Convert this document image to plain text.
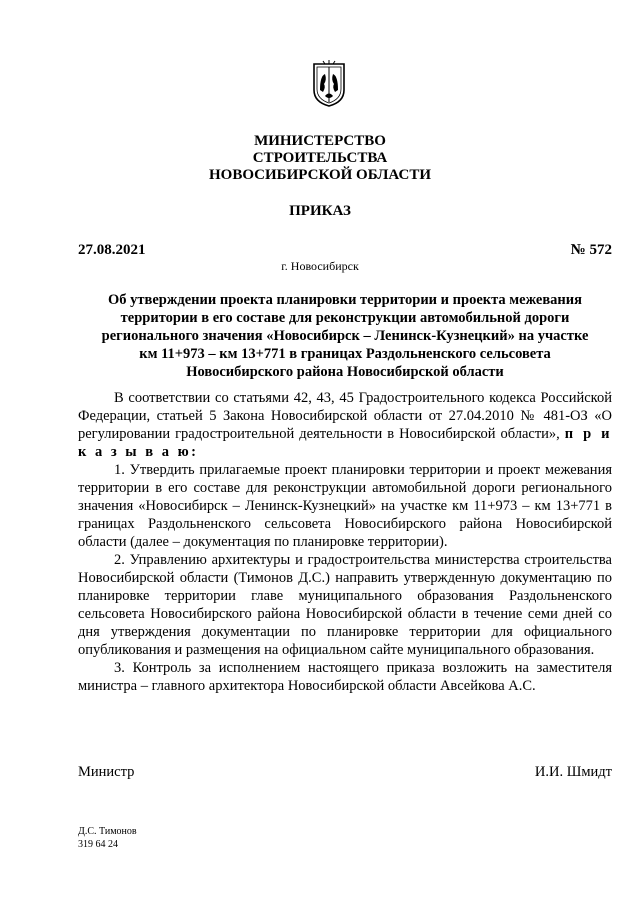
МИНИСТЕРСТВО
СТРОИТЕЛЬСТВА
НОВОСИБИРСКОЙ ОБЛАСТИ
ПРИКАЗ
27.08.2021	№ 572
г. Новосибирск
Об утверждении проекта планировки территории и проекта межевания
территории в его составе для реконструкции автомобильной дороги
регионального значения «Новосибирск – Ленинск-Кузнецкий» на участке
км 11+973 – км 13+771 в границах Раздольненского сельсовета
Новосибирского района Новосибирской области

В соответствии со статьями 42, 43, 45 Градостроительного кодекса Российской Федерации, статьей 5 Закона Новосибирской области от 27.04.2010 № 481-ОЗ «О регулировании градостроительной деятельности в Новосибирской области», п р и к а з ы в а ю:

1. Утвердить прилагаемые проект планировки территории и проект межевания территории в его составе для реконструкции автомобильной дороги регионального значения «Новосибирск – Ленинск-Кузнецкий» на участке км 11+973 – км 13+771 в границах Раздольненского сельсовета Новосибирского района Новосибирской области (далее – документация по планировке территории).

2. Управлению архитектуры и градостроительства министерства строительства Новосибирской области (Тимонов Д.С.) направить утвержденную документацию по планировке территории главе муниципального образования Раздольненского сельсовета Новосибирского района Новосибирской области в течение семи дней со дня утверждения документации по планировке территории для официального опубликования и размещения на официальном сайте муниципального образования.

3. Контроль за исполнением настоящего приказа возложить на заместителя министра – главного архитектора Новосибирской области Авсейкова А.С.

Министр	И.И. Шмидт
Д.С. Тимонов
319 64 24
